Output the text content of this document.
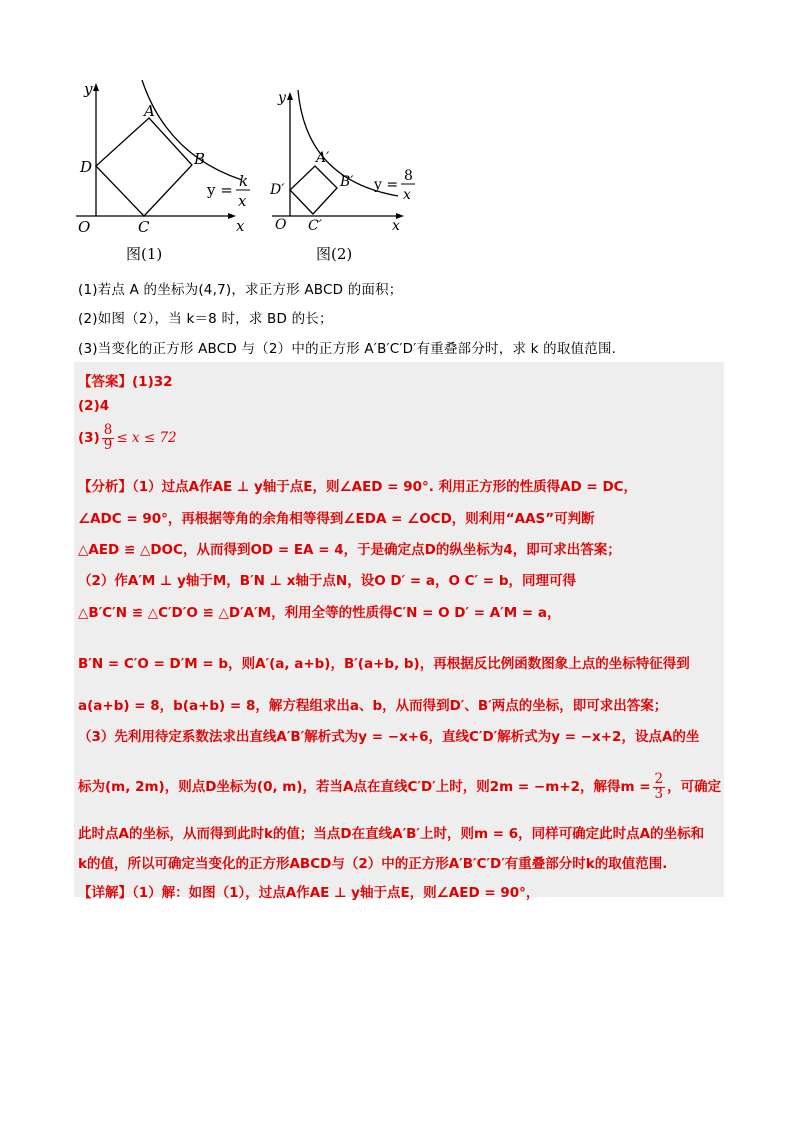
y
x
O
A
B
C
D
y = k
x
图(1)
y
x
O
A′
B′
C′
D′	y =
8
x
图(2)
(1)若点 A 的坐标为(4,7)，求正方形 ABCD 的面积；
(2)如图（2），当 k＝8 时，求 BD 的长；
(3)当变化的正方形 ABCD 与（2）中的正方形 A′B′C′D′有重叠部分时，求 k 的取值范围.
【答案】(1)32
(2)4
$(3) \frac{8}{9} \le x \le 72$
【分析】（1）过点A作AE ⊥ y轴于点E，则∠AED = 90°. 利用正方形的性质得AD = DC，
∠ADC = 90°，再根据等角的余角相等得到∠EDA = ∠OCD，则利用“AAS”可判断
△AED ≌ △DOC，从而得到OD = EA = 4，于是确定点D的纵坐标为4，即可求出答案；
（2）作A′M ⊥ y轴于M，B′N ⊥ x轴于点N，设O D′ = a，O C′ = b，同理可得
△B′C′N ≌ △C′D′O ≌ △D′A′M，利用全等的性质得C′N = O D′ = A′M = a，
B′N = C′O = D′M = b，则A′(a, a+b)，B′(a+b, b)，再根据反比例函数图象上点的坐标特征得到
a(a+b) = 8，b(a+b) = 8，解方程组求出a、b，从而得到D′、B′两点的坐标，即可求出答案；
（3）先利用待定系数法求出直线A′B′解析式为y = −x+6，直线C′D′解析式为y = −x+2，设点A的坐
标为(m, 2m)，则点D坐标为(0, m)，若当A点在直线C′D′上时，则2m = −m+2，解得$m = \frac{2}{3}$ ，可确定
此时点A的坐标，从而得到此时k的值；当点D在直线A′B′上时，则m = 6，同样可确定此时点A的坐标和
k的值，所以可确定当变化的正方形ABCD与（2）中的正方形A′B′C′D′有重叠部分时k的取值范围.
【详解】（1）解：如图（1），过点A作AE ⊥ y轴于点E，则∠AED = 90°，
